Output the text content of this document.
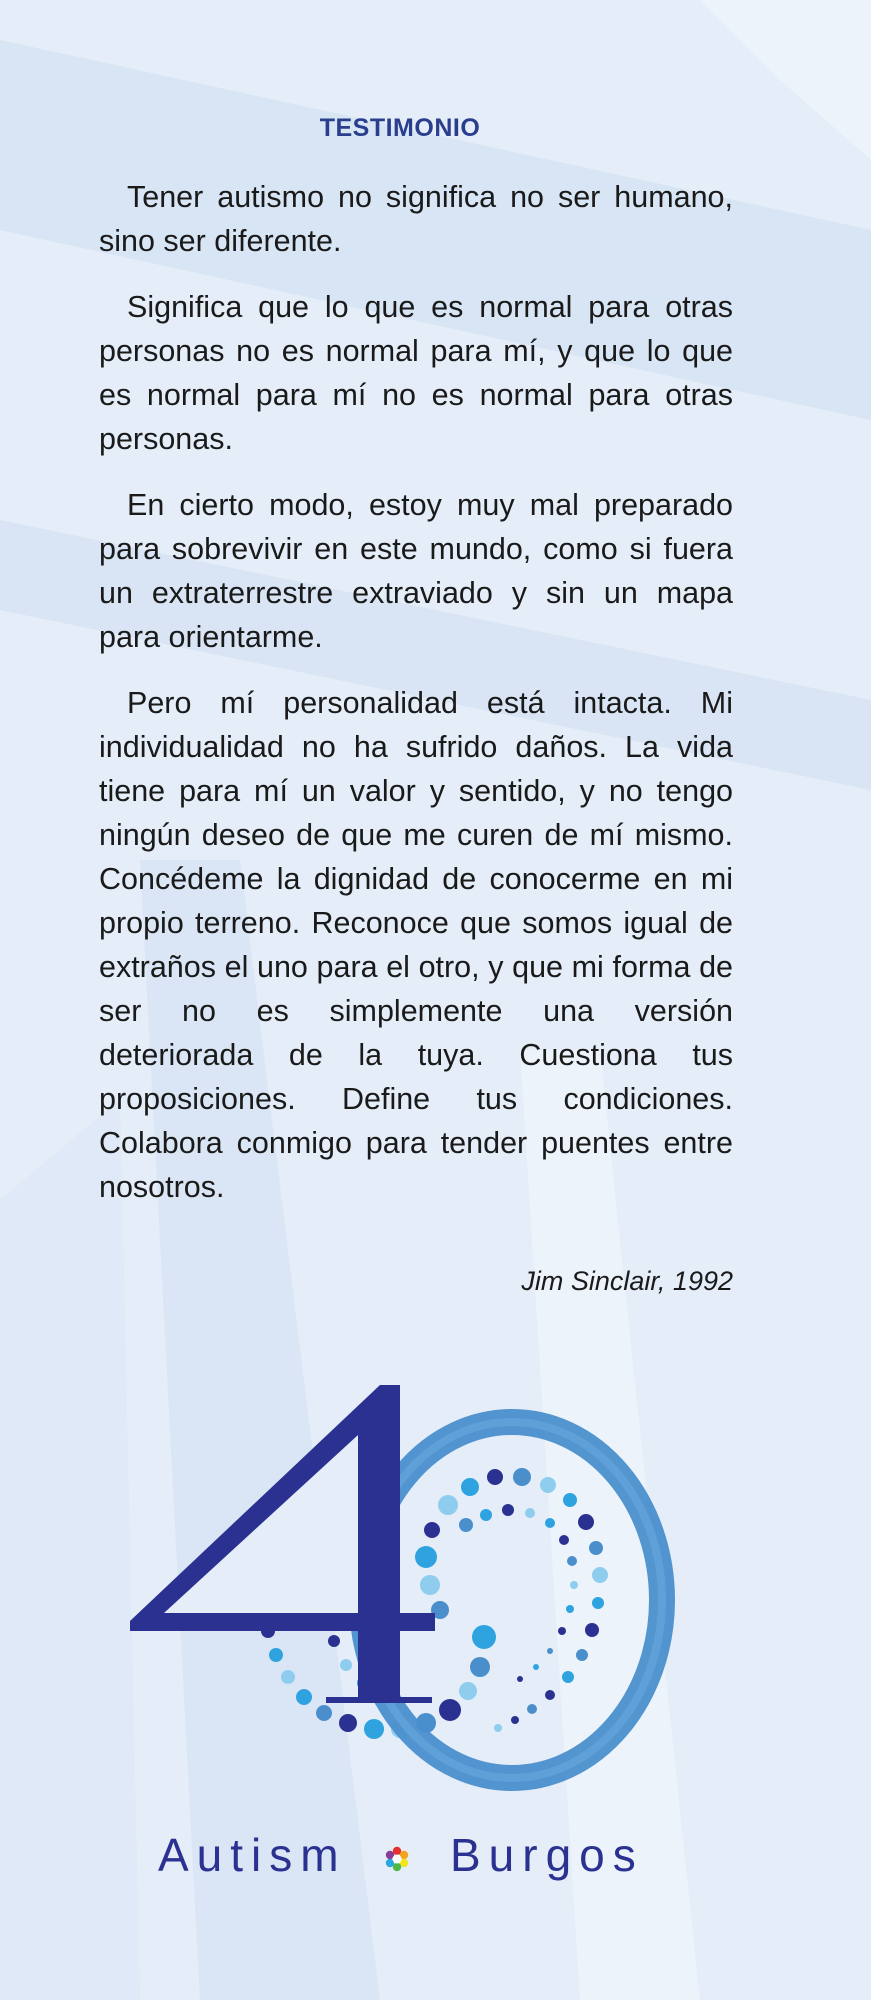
TESTIMONIO

Tener autismo no significa no ser humano, sino ser diferente.

Significa que lo que es normal para otras personas no es normal para mí, y que lo que es normal para mí no es normal para otras personas.

En cierto modo, estoy muy mal preparado para sobrevivir en este mundo, como si fuera un extraterrestre extraviado y sin un mapa para orientarme.

Pero mí personalidad está intacta. Mi individualidad no ha sufrido daños. La vida tiene para mí un valor y sentido, y no tengo ningún deseo de que me curen de mí mismo. Concédeme la dignidad de conocerme en mi propio terreno. Reconoce que somos igual de extraños el uno para el otro, y que mi forma de ser no es simplemente una versión deteriorada de la tuya. Cuestiona tus proposiciones. Define tus condiciones. Colabora conmigo para tender puentes entre nosotros.

Jim Sinclair, 1992

Autism Burgos
